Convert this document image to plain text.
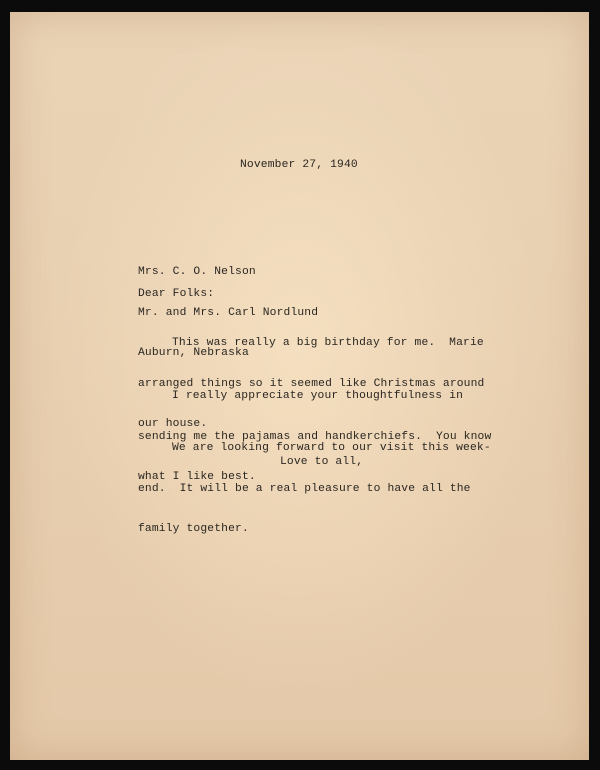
November 27, 1940

Mrs. C. O. Nelson

Mr. and Mrs. Carl Nordlund

Auburn, Nebraska

Dear Folks:

This was really a big birthday for me.  Marie

arranged things so it seemed like Christmas around

our house.

I really appreciate your thoughtfulness in

sending me the pajamas and handkerchiefs.  You know

what I like best.

We are looking forward to our visit this week-

end.  It will be a real pleasure to have all the

family together.

Love to all,
